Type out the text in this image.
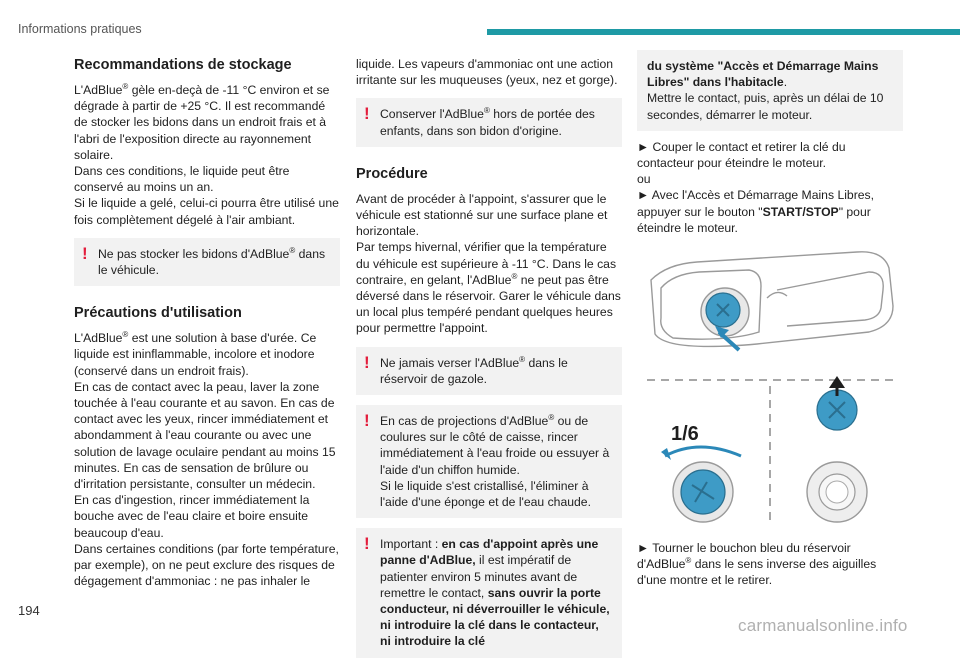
Informations pratiques
Recommandations de stockage

L'AdBlue® gèle en-deçà de -11 °C environ et se dégrade à partir de +25 °C. Il est recommandé de stocker les bidons dans un endroit frais et à l'abri de l'exposition directe au rayonnement solaire.

Dans ces conditions, le liquide peut être conservé au moins un an.

Si le liquide a gelé, celui-ci pourra être utilisé une fois complètement dégelé à l'air ambiant.

! Ne pas stocker les bidons d'AdBlue® dans le véhicule.

Précautions d'utilisation

L'AdBlue® est une solution à base d'urée. Ce liquide est ininflammable, incolore et inodore (conservé dans un endroit frais).

En cas de contact avec la peau, laver la zone touchée à l'eau courante et au savon. En cas de contact avec les yeux, rincer immédiatement et abondamment à l'eau courante ou avec une solution de lavage oculaire pendant au moins 15 minutes. En cas de sensation de brûlure ou d'irritation persistante, consulter un médecin.

En cas d'ingestion, rincer immédiatement la bouche avec de l'eau claire et boire ensuite beaucoup d'eau.

Dans certaines conditions (par forte température, par exemple), on ne peut exclure des risques de dégagement d'ammoniac : ne pas inhaler le

liquide. Les vapeurs d'ammoniac ont une action irritante sur les muqueuses (yeux, nez et gorge).

! Conserver l'AdBlue® hors de portée des enfants, dans son bidon d'origine.

Procédure

Avant de procéder à l'appoint, s'assurer que le véhicule est stationné sur une surface plane et horizontale.

Par temps hivernal, vérifier que la température du véhicule est supérieure à -11 °C. Dans le cas contraire, en gelant, l'AdBlue® ne peut pas être déversé dans le réservoir. Garer le véhicule dans un local plus tempéré pendant quelques heures pour permettre l'appoint.

! Ne jamais verser l'AdBlue® dans le réservoir de gazole.

! En cas de projections d'AdBlue® ou de coulures sur le côté de caisse, rincer immédiatement à l'eau froide ou essuyer à l'aide d'un chiffon humide.

Si le liquide s'est cristallisé, l'éliminer à l'aide d'une éponge et de l'eau chaude.

! Important : en cas d'appoint après une panne d'AdBlue, il est impératif de patienter environ 5 minutes avant de remettre le contact, sans ouvrir la porte conducteur, ni déverrouiller le véhicule, ni introduire la clé dans le contacteur, ni introduire la clé

du système "Accès et Démarrage Mains Libres" dans l'habitacle.

Mettre le contact, puis, après un délai de 10 secondes, démarrer le moteur.

► Couper le contact et retirer la clé du contacteur pour éteindre le moteur.

ou

► Avec l'Accès et Démarrage Mains Libres, appuyer sur le bouton "START/STOP" pour éteindre le moteur.

1/6

► Tourner le bouchon bleu du réservoir d'AdBlue® dans le sens inverse des aiguilles d'une montre et le retirer.

194
carmanualsonline.info
